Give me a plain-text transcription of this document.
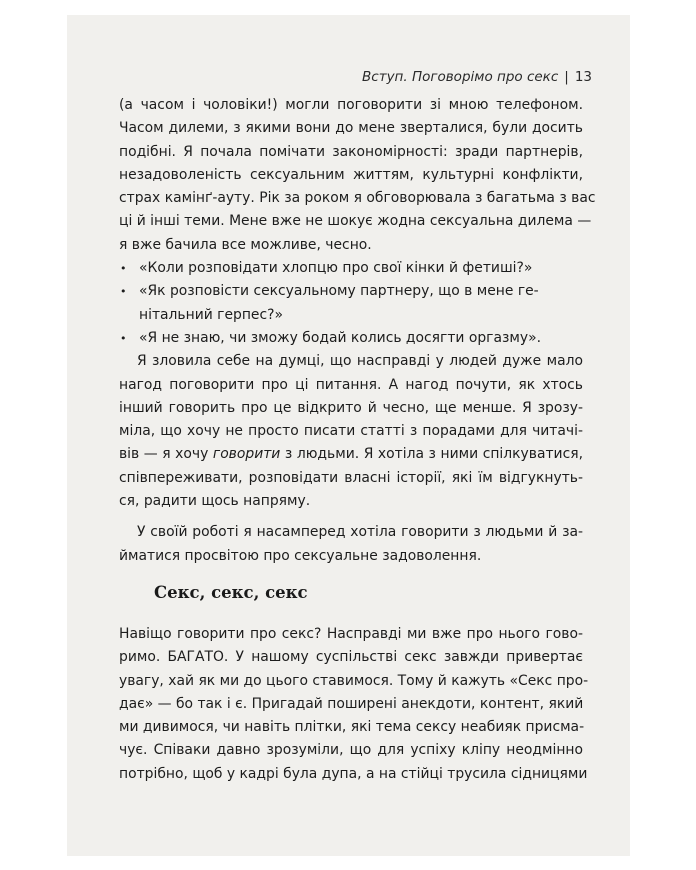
Вступ. Поговорімо про секс | 13
(а часом і чоловіки!) могли поговорити зі мною телефоном.
Часом дилеми, з якими вони до мене зверталися, були досить
подібні. Я почала помічати закономірності: зради партнерів,
незадоволеність сексуальним життям, культурні конфлікти,
страх камінґ-ауту. Рік за роком я обговорювала з багатьма з вас
ці й інші теми. Мене вже не шокує жодна сексуальна дилема —
я вже бачила все можливе, чесно.
• «Коли розповідати хлопцю про свої кінки й фетиші?»
• «Як розповісти сексуальному партнеру, що в мене ге-
нітальний герпес?»
• «Я не знаю, чи зможу бодай колись досягти оргазму».
Я зловила себе на думці, що насправді у людей дуже мало
нагод поговорити про ці питання. А нагод почути, як хтось
інший говорить про це відкрито й чесно, ще менше. Я зрозу-
міла, що хочу не просто писати статті з порадами для читачі-
вів — я хочу говорити з людьми. Я хотіла з ними спілкуватися,
співпереживати, розповідати власні історії, які їм відгукнуть-
ся, радити щось напряму.
У своїй роботі я насамперед хотіла говорити з людьми й за-
йматися просвітою про сексуальне задоволення.
Секс, секс, секс
Навіщо говорити про секс? Насправді ми вже про нього гово-
римо. БАГАТО. У нашому суспільстві секс завжди привертає
увагу, хай як ми до цього ставимося. Тому й кажуть «Секс про-
дає» — бо так і є. Пригадай поширені анекдоти, контент, який
ми дивимося, чи навіть плітки, які тема сексу неабияк присма-
чує. Співаки давно зрозуміли, що для успіху кліпу неодмінно
потрібно, щоб у кадрі була дупа, а на стійці трусила сідницями
